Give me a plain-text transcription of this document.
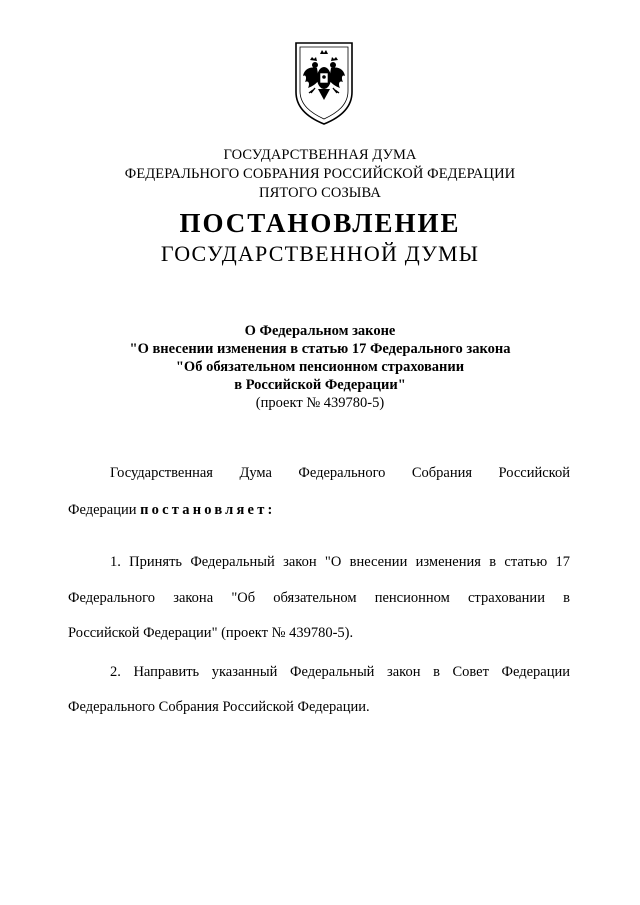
ГОСУДАРСТВЕННАЯ ДУМА
ФЕДЕРАЛЬНОГО СОБРАНИЯ РОССИЙСКОЙ ФЕДЕРАЦИИ
ПЯТОГО СОЗЫВА
ПОСТАНОВЛЕНИЕ
ГОСУДАРСТВЕННОЙ ДУМЫ
О Федеральном законе
"О внесении изменения в статью 17 Федерального закона
"Об обязательном пенсионном страховании
в Российской Федерации"
(проект № 439780-5)
Государственная Дума Федерального Собрания Российской
Федерации постановляет:
1. Принять Федеральный закон "О внесении изменения в статью 17
Федерального закона "Об обязательном пенсионном страховании в
Российской Федерации" (проект № 439780-5).
2. Направить указанный Федеральный закон в Совет Федерации
Федерального Собрания Российской Федерации.
